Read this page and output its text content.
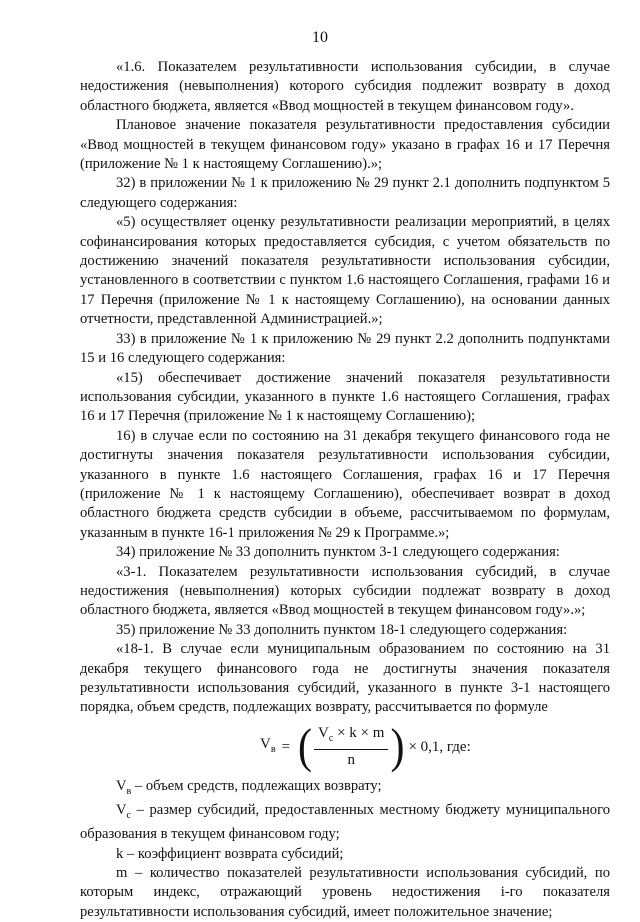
10

«1.6. Показателем результативности использования субсидии, в случае недостижения (невыполнения) которого субсидия подлежит возврату в доход областного бюджета, является «Ввод мощностей в текущем финансовом году».

Плановое значение показателя результативности предоставления субсидии «Ввод мощностей в текущем финансовом году» указано в графах 16 и 17 Перечня (приложение № 1 к настоящему Соглашению).»;

32) в приложении № 1 к приложению № 29 пункт 2.1 дополнить подпунктом 5 следующего содержания:

«5) осуществляет оценку результативности реализации мероприятий, в целях софинансирования которых предоставляется субсидия, с учетом обязательств по достижению значений показателя результативности использования субсидии, установленного в соответствии с пунктом 1.6 настоящего Соглашения, графами 16 и 17 Перечня (приложение № 1 к настоящему Соглашению), на основании данных отчетности, представленной Администрацией.»;

33) в приложение № 1 к приложению № 29 пункт 2.2 дополнить подпунктами 15 и 16 следующего содержания:

«15) обеспечивает достижение значений показателя результативности использования субсидии, указанного в пункте 1.6 настоящего Соглашения, графах 16 и 17 Перечня (приложение № 1 к настоящему Соглашению);

16) в случае если по состоянию на 31 декабря текущего финансового года не достигнуты значения показателя результативности использования субсидии, указанного в пункте 1.6 настоящего Соглашения, графах 16 и 17 Перечня (приложение № 1 к настоящему Соглашению), обеспечивает возврат в доход областного бюджета средств субсидии в объеме, рассчитываемом по формулам, указанным в пункте 16-1 приложения № 29 к Программе.»;

34) приложение № 33 дополнить пунктом 3-1 следующего содержания:

«3-1. Показателем результативности использования субсидий, в случае недостижения (невыполнения) которых субсидии подлежат возврату в доход областного бюджета, является «Ввод мощностей в текущем финансовом году».»;

35) приложение № 33 дополнить пунктом 18-1 следующего содержания:

«18-1. В случае если муниципальным образованием по состоянию на 31 декабря текущего финансового года не достигнуты значения показателя результативности использования субсидий, указанного в пункте 3-1 настоящего порядка, объем средств, подлежащих возврату, рассчитывается по формуле

$V_в$ = ( $\frac{V_с \times k \times m}{n}$ ) × 0,1, где:

$V_в$ – объем средств, подлежащих возврату;

$V_с$ – размер субсидий, предоставленных местному бюджету муниципального образования в текущем финансовом году;

k – коэффициент возврата субсидий;

m – количество показателей результативности использования субсидий, по которым индекс, отражающий уровень недостижения i-го показателя результативности использования субсидий, имеет положительное значение;
